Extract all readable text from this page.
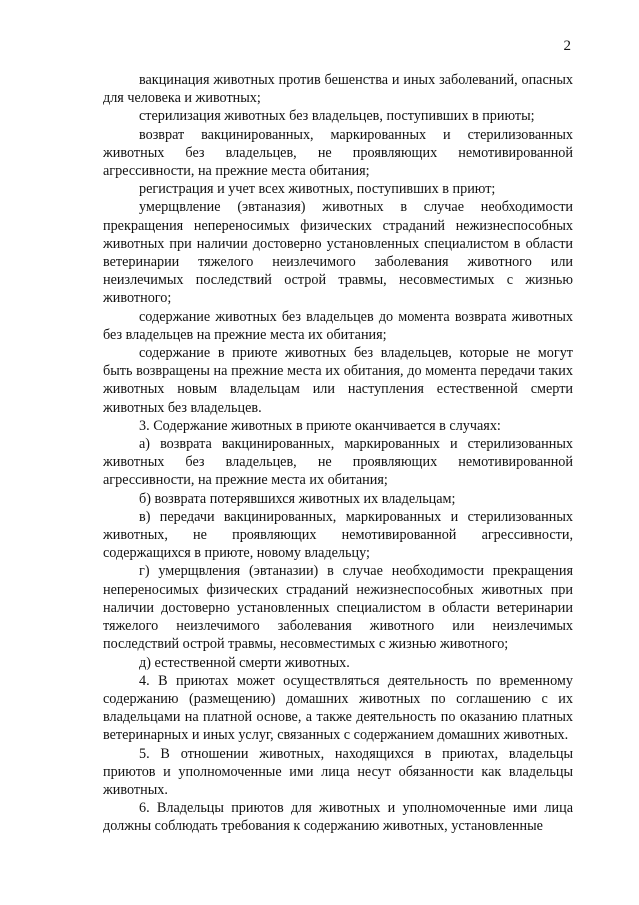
2

вакцинация животных против бешенства и иных заболеваний, опасных для человека и животных;

стерилизация животных без владельцев, поступивших в приюты;

возврат вакцинированных, маркированных и стерилизованных животных без владельцев, не проявляющих немотивированной агрессивности, на прежние места обитания;

регистрация и учет всех животных, поступивших в приют;

умерщвление (эвтаназия) животных в случае необходимости прекращения непереносимых физических страданий нежизнеспособных животных при наличии достоверно установленных специалистом в области ветеринарии тяжелого неизлечимого заболевания животного или неизлечимых последствий острой травмы, несовместимых с жизнью животного;

содержание животных без владельцев до момента возврата животных без владельцев на прежние места их обитания;

содержание в приюте животных без владельцев, которые не могут быть возвращены на прежние места их обитания, до момента передачи таких животных новым владельцам или наступления естественной смерти животных без владельцев.

3. Содержание животных в приюте оканчивается в случаях:

а) возврата вакцинированных, маркированных и стерилизованных животных без владельцев, не проявляющих немотивированной агрессивности, на прежние места их обитания;

б) возврата потерявшихся животных их владельцам;

в) передачи вакцинированных, маркированных и стерилизованных животных, не проявляющих немотивированной агрессивности, содержащихся в приюте, новому владельцу;

г) умерщвления (эвтаназии) в случае необходимости прекращения непереносимых физических страданий нежизнеспособных животных при наличии достоверно установленных специалистом в области ветеринарии тяжелого неизлечимого заболевания животного или неизлечимых последствий острой травмы, несовместимых с жизнью животного;

д) естественной смерти животных.

4. В приютах может осуществляться деятельность по временному содержанию (размещению) домашних животных по соглашению с их владельцами на платной основе, а также деятельность по оказанию платных ветеринарных и иных услуг, связанных с содержанием домашних животных.

5. В отношении животных, находящихся в приютах, владельцы приютов и уполномоченные ими лица несут обязанности как владельцы животных.

6. Владельцы приютов для животных и уполномоченные ими лица должны соблюдать требования к содержанию животных, установленные
